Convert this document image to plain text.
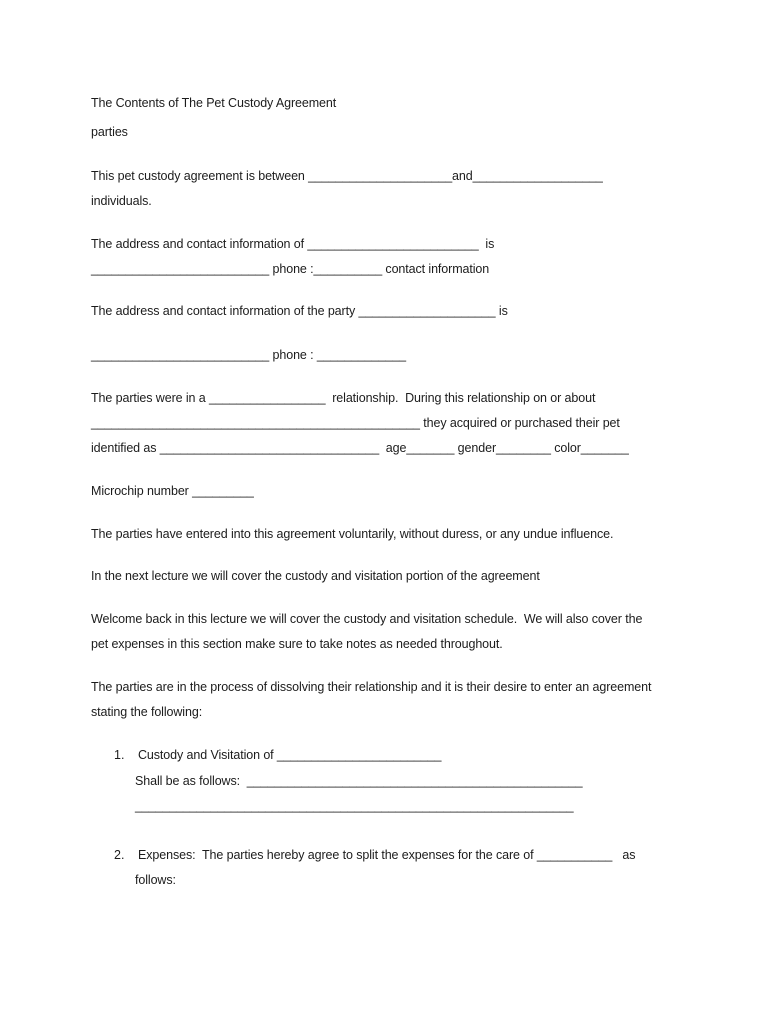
The Contents of The Pet Custody Agreement
parties
This pet custody agreement is between _____________________and___________________
individuals.
The address and contact information of _________________________  is
__________________________ phone :__________ contact information
The address and contact information of the party ____________________ is
__________________________ phone : _____________
The parties were in a _________________  relationship.  During this relationship on or about
________________________________________________ they acquired or purchased their pet
identified as ________________________________  age_______ gender________ color_______
Microchip number _________
The parties have entered into this agreement voluntarily, without duress, or any undue influence.
In the next lecture we will cover the custody and visitation portion of the agreement
Welcome back in this lecture we will cover the custody and visitation schedule.  We will also cover the
pet expenses in this section make sure to take notes as needed throughout.
The parties are in the process of dissolving their relationship and it is their desire to enter an agreement
stating the following:
1. Custody and Visitation of ________________________
Shall be as follows:  _________________________________________________
________________________________________________________________
2. Expenses:  The parties hereby agree to split the expenses for the care of ___________   as
follows:
